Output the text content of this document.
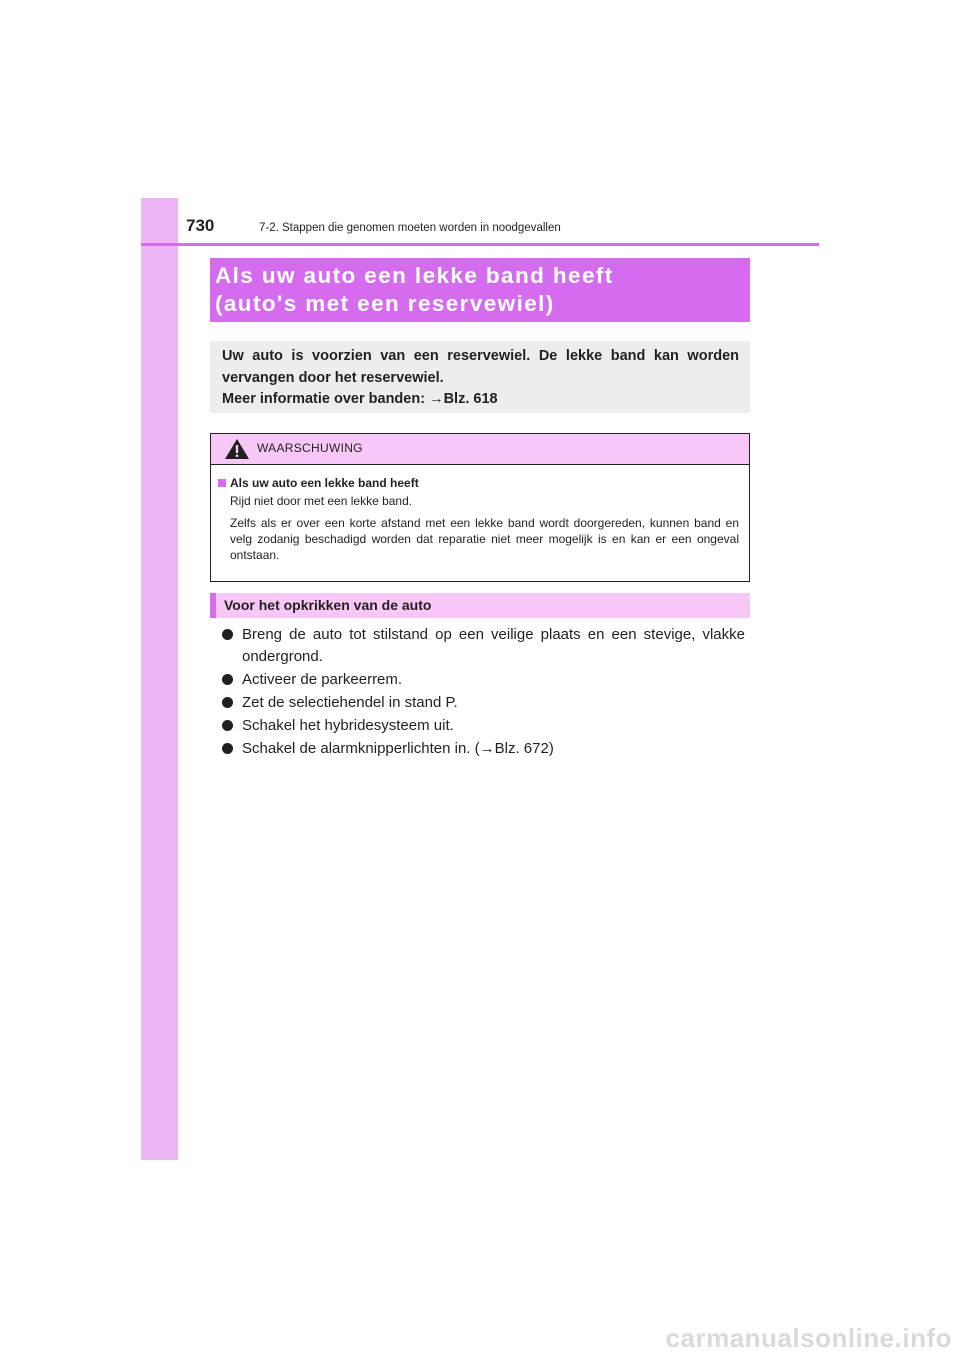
730	7-2. Stappen die genomen moeten worden in noodgevallen
Als uw auto een lekke band heeft
(auto's met een reservewiel)

Uw auto is voorzien van een reservewiel. De lekke band kan worden

vervangen door het reservewiel.

Meer informatie over banden: →Blz. 618

WAARSCHUWING
Als uw auto een lekke band heeft

Rijd niet door met een lekke band.

Zelfs als er over een korte afstand met een lekke band wordt doorgereden, kunnen band en velg zodanig beschadigd worden dat reparatie niet meer mogelijk is en kan er een ongeval ontstaan.

Voor het opkrikken van de auto
Breng de auto tot stilstand op een veilige plaats en een stevige, vlakke ondergrond.
Activeer de parkeerrem.
Zet de selectiehendel in stand P.
Schakel het hybridesysteem uit.
Schakel de alarmknipperlichten in. (→Blz. 672)
carmanualsonline.info
